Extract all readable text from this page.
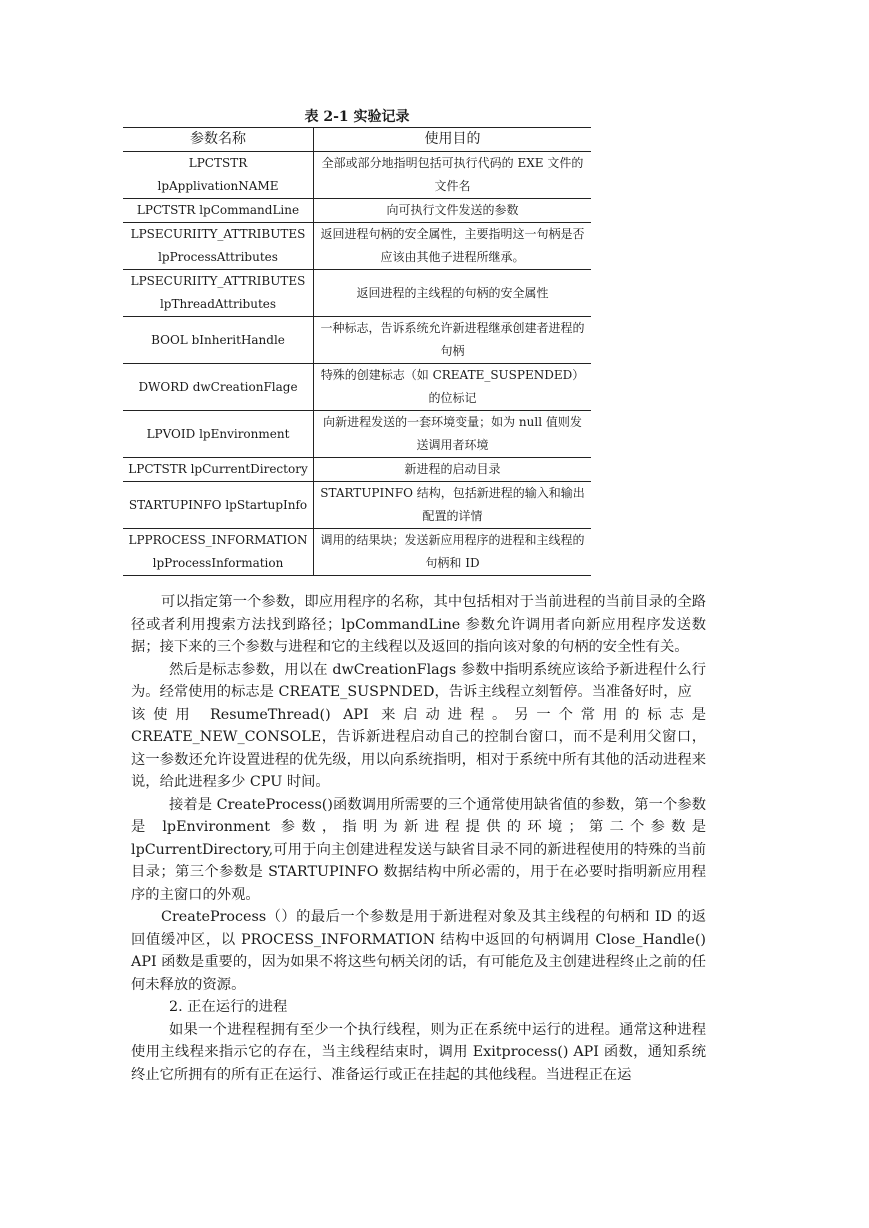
表 2-1 实验记录
参数名称	使用目的
LPCTSTR lpApplivationNAME	全部或部分地指明包括可执行代码的 EXE 文件的文件名
LPCTSTR lpCommandLine	向可执行文件发送的参数
LPSECURIITY_ATTRIBUTES lpProcessAttributes	返回进程句柄的安全属性，主要指明这一句柄是否应该由其他子进程所继承。
LPSECURIITY_ATTRIBUTES lpThreadAttributes	返回进程的主线程的句柄的安全属性
BOOL bInheritHandle	一种标志，告诉系统允许新进程继承创建者进程的句柄
DWORD dwCreationFlage	特殊的创建标志（如 CREATE_SUSPENDED）的位标记
LPVOID lpEnvironment	向新进程发送的一套环境变量；如为 null 值则发送调用者环境
LPCTSTR lpCurrentDirectory	新进程的启动目录
STARTUPINFO lpStartupInfo	STARTUPINFO 结构，包括新进程的输入和输出配置的详情
LPPROCESS_INFORMATION lpProcessInformation	调用的结果块；发送新应用程序的进程和主线程的句柄和 ID

可以指定第一个参数，即应用程序的名称，其中包括相对于当前进程的当前目录的全路径或者利用搜索方法找到路径；lpCommandLine 参数允许调用者向新应用程序发送数据；接下来的三个参数与进程和它的主线程以及返回的指向该对象的句柄的安全性有关。

然后是标志参数，用以在 dwCreationFlags 参数中指明系统应该给予新进程什么行为。经常使用的标志是 CREATE_SUSPNDED，告诉主线程立刻暂停。当准备好时，应

该使用 ResumeThread() API 来启动进程。另一个常用的标志是

CREATE_NEW_CONSOLE，告诉新进程启动自己的控制台窗口，而不是利用父窗口，这一参数还允许设置进程的优先级，用以向系统指明，相对于系统中所有其他的活动进程来说，给此进程多少 CPU 时间。

接着是 CreateProcess()函数调用所需要的三个通常使用缺省值的参数，第一个参数是 lpEnvironment 参数，指明为新进程提供的环境；第二个参数是 lpCurrentDirectory,可用于向主创建进程发送与缺省目录不同的新进程使用的特殊的当前目录；第三个参数是 STARTUPINFO 数据结构中所必需的，用于在必要时指明新应用程序的主窗口的外观。

CreateProcess（）的最后一个参数是用于新进程对象及其主线程的句柄和 ID 的返回值缓冲区，以 PROCESS_INFORMATION 结构中返回的句柄调用 Close_Handle() API 函数是重要的，因为如果不将这些句柄关闭的话，有可能危及主创建进程终止之前的任何未释放的资源。

2. 正在运行的进程

如果一个进程程拥有至少一个执行线程，则为正在系统中运行的进程。通常这种进程使用主线程来指示它的存在，当主线程结束时，调用 Exitprocess() API 函数，通知系统终止它所拥有的所有正在运行、准备运行或正在挂起的其他线程。当进程正在运
